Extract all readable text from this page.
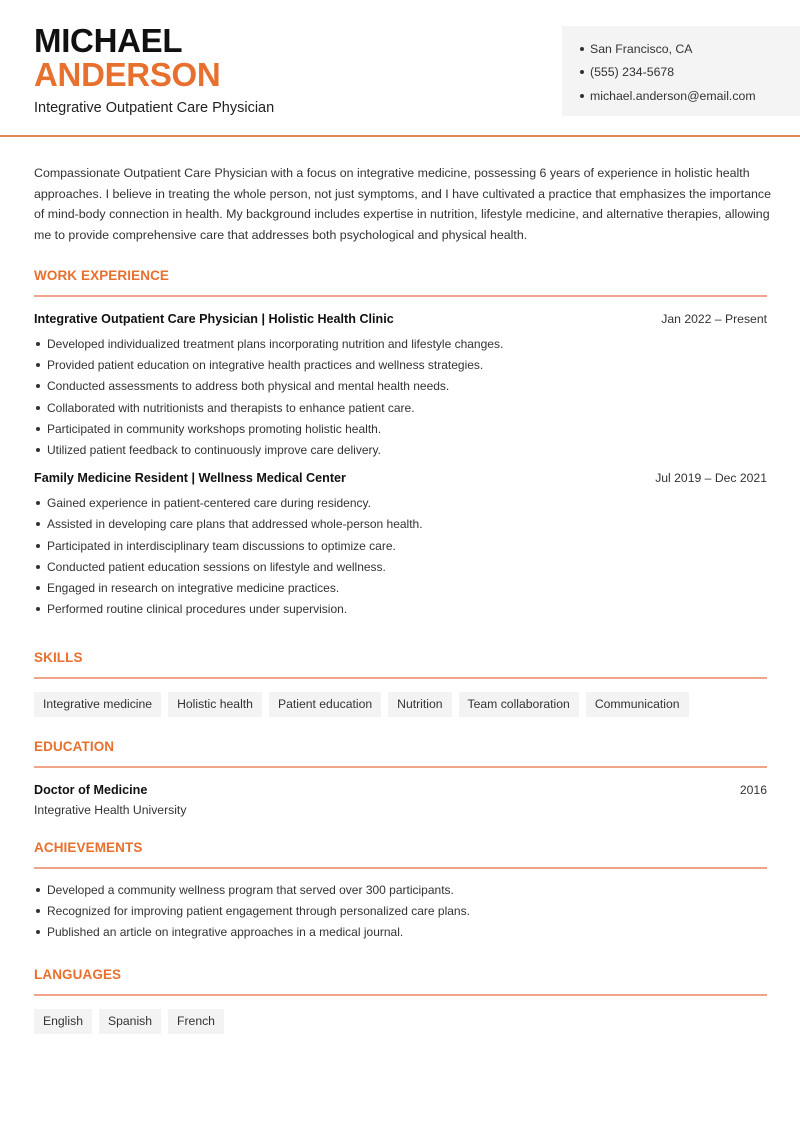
MICHAEL
ANDERSON
Integrative Outpatient Care Physician
San Francisco, CA
(555) 234-5678
michael.anderson@email.com

Compassionate Outpatient Care Physician with a focus on integrative medicine, possessing 6 years of experience in holistic health approaches. I believe in treating the whole person, not just symptoms, and I have cultivated a practice that emphasizes the importance of mind-body connection in health. My background includes expertise in nutrition, lifestyle medicine, and alternative therapies, allowing me to provide comprehensive care that addresses both psychological and physical health.

WORK EXPERIENCE
Integrative Outpatient Care Physician | Holistic Health Clinic	Jan 2022 – Present
Developed individualized treatment plans incorporating nutrition and lifestyle changes.
Provided patient education on integrative health practices and wellness strategies.
Conducted assessments to address both physical and mental health needs.
Collaborated with nutritionists and therapists to enhance patient care.
Participated in community workshops promoting holistic health.
Utilized patient feedback to continuously improve care delivery.
Family Medicine Resident | Wellness Medical Center	Jul 2019 – Dec 2021
Gained experience in patient-centered care during residency.
Assisted in developing care plans that addressed whole-person health.
Participated in interdisciplinary team discussions to optimize care.
Conducted patient education sessions on lifestyle and wellness.
Engaged in research on integrative medicine practices.
Performed routine clinical procedures under supervision.
SKILLS
Integrative medicine	Holistic health	Patient education	Nutrition	Team collaboration	Communication
EDUCATION
Doctor of Medicine	2016
Integrative Health University
ACHIEVEMENTS
Developed a community wellness program that served over 300 participants.
Recognized for improving patient engagement through personalized care plans.
Published an article on integrative approaches in a medical journal.
LANGUAGES
English	Spanish	French
